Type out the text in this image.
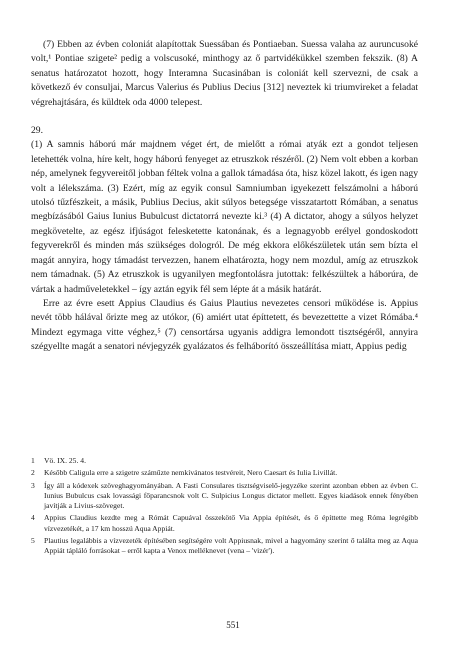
(7) Ebben az évben coloniát alapítottak Suessában és Pontiaeban. Suessa valaha az auruncusoké volt,¹ Pontiae szigete² pedig a volscusoké, minthogy az ő partvidékükkel szemben fekszik. (8) A senatus határozatot hozott, hogy Interamna Sucasinában is coloniát kell szervezni, de csak a következő év consuljai, Marcus Valerius és Publius Decius [312] neveztek ki triumvireket a feladat végrehajtására, és küldtek oda 4000 telepest.

29.

(1) A samnis háború már majdnem véget ért, de mielőtt a római atyák ezt a gondot teljesen letehették volna, híre kelt, hogy háború fenyeget az etruszkok részéről. (2) Nem volt ebben a korban nép, amelynek fegyvereitől jobban féltek volna a gallok támadása óta, hisz közel lakott, és igen nagy volt a lélekszáma. (3) Ezért, míg az egyik consul Samniumban igyekezett felszámolni a háború utolsó tűzfészkeit, a másik, Publius Decius, akit súlyos betegsége visszatartott Rómában, a senatus megbízásából Gaius Iunius Bubulcust dictatorrá nevezte ki.³ (4) A dictator, ahogy a súlyos helyzet megkövetelte, az egész ifjúságot felesketette katonának, és a legnagyobb erélyel gondoskodott fegyverekről és minden más szükséges dologról. De még ekkora előkészületek után sem bízta el magát annyira, hogy támadást tervezzen, hanem elhatározta, hogy nem mozdul, amíg az etruszkok nem támadnak. (5) Az etruszkok is ugyanilyen megfontolásra jutottak: felkészültek a háborúra, de vártak a hadműveletekkel – így aztán egyik fél sem lépte át a másik határát.

Erre az évre esett Appius Claudius és Gaius Plautius nevezetes censori működése is. Appius nevét több hálával őrizte meg az utókor, (6) amiért utat építtetett, és bevezettette a vizet Rómába.⁴ Mindezt egymaga vitte véghez,⁵ (7) censortársa ugyanis addigra lemondott tisztségéről, annyira szégyellte magát a senatori névjegyzék gyalázatos és felháborító összeállítása miatt, Appius pedig

1	Vö. IX. 25. 4.
2	Később Caligula erre a szigetre száműzte nemkívánatos testvéreit, Nero Caesart és Iulia Livillát.
3	Így áll a kódexek szöveghagyományában. A Fasti Consulares tisztségviselő-jegyzéke szerint azonban ebben az évben C. Iunius Bubulcus csak lovassági főparancsnok volt C. Sulpicius Longus dictator mellett. Egyes kiadások ennek fényében javítják a Livius-szöveget.
4	Appius Claudius kezdte meg a Rómát Capuával összekötő Via Appia építését, és ő építtette meg Róma legrégibb vízvezetékét, a 17 km hosszú Aqua Appiát.
5	Plautius legalábbis a vízvezeték építésében segítségére volt Appiusnak, mivel a hagyomány szerint ő találta meg az Aqua Appiát tápláló forrásokat – erről kapta a Venox melléknevet (vena – 'vizér').
551
